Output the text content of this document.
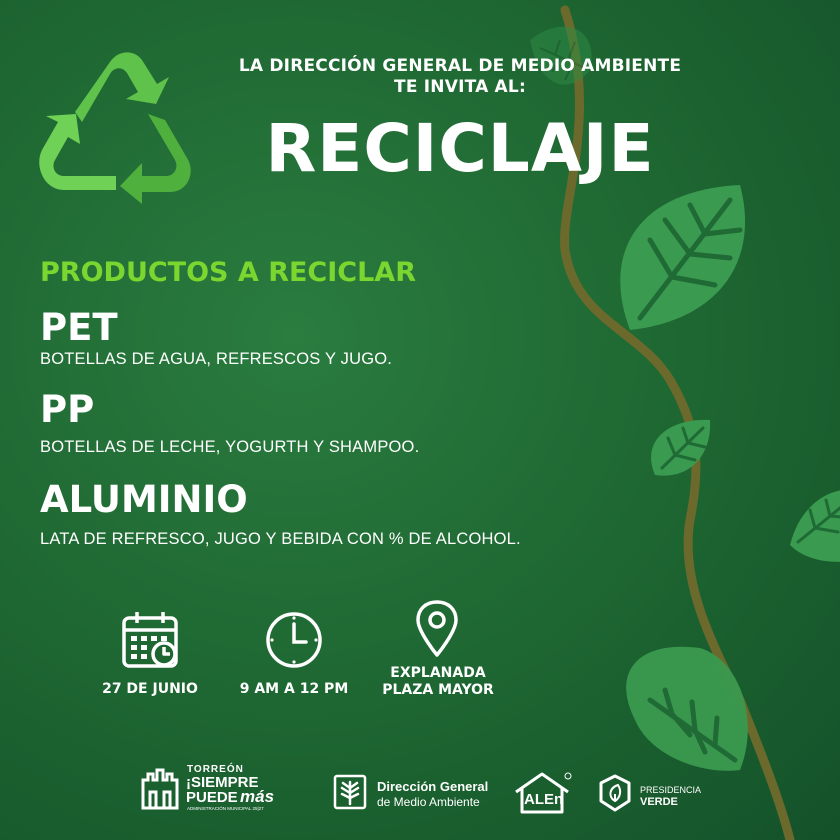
LA DIRECCIÓN GENERAL DE MEDIO AMBIENTE
TE INVITA AL:
RECICLAJE
PRODUCTOS A RECICLAR
PET
BOTELLAS DE AGUA, REFRESCOS Y JUGO.
PP
BOTELLAS DE LECHE, YOGURTH Y SHAMPOO.
ALUMINIO
LATA DE REFRESCO, JUGO Y BEBIDA CON % DE ALCOHOL.
27 DE JUNIO	9 AM A 12 PM
EXPLANADA
PLAZA MAYOR
TORREÓN
¡SIEMPRE
PUEDE más
ADMINISTRACIÓN MUNICIPAL 25|27
Dirección General
de Medio Ambiente	ALEn
PRESIDENCIA
VERDE
